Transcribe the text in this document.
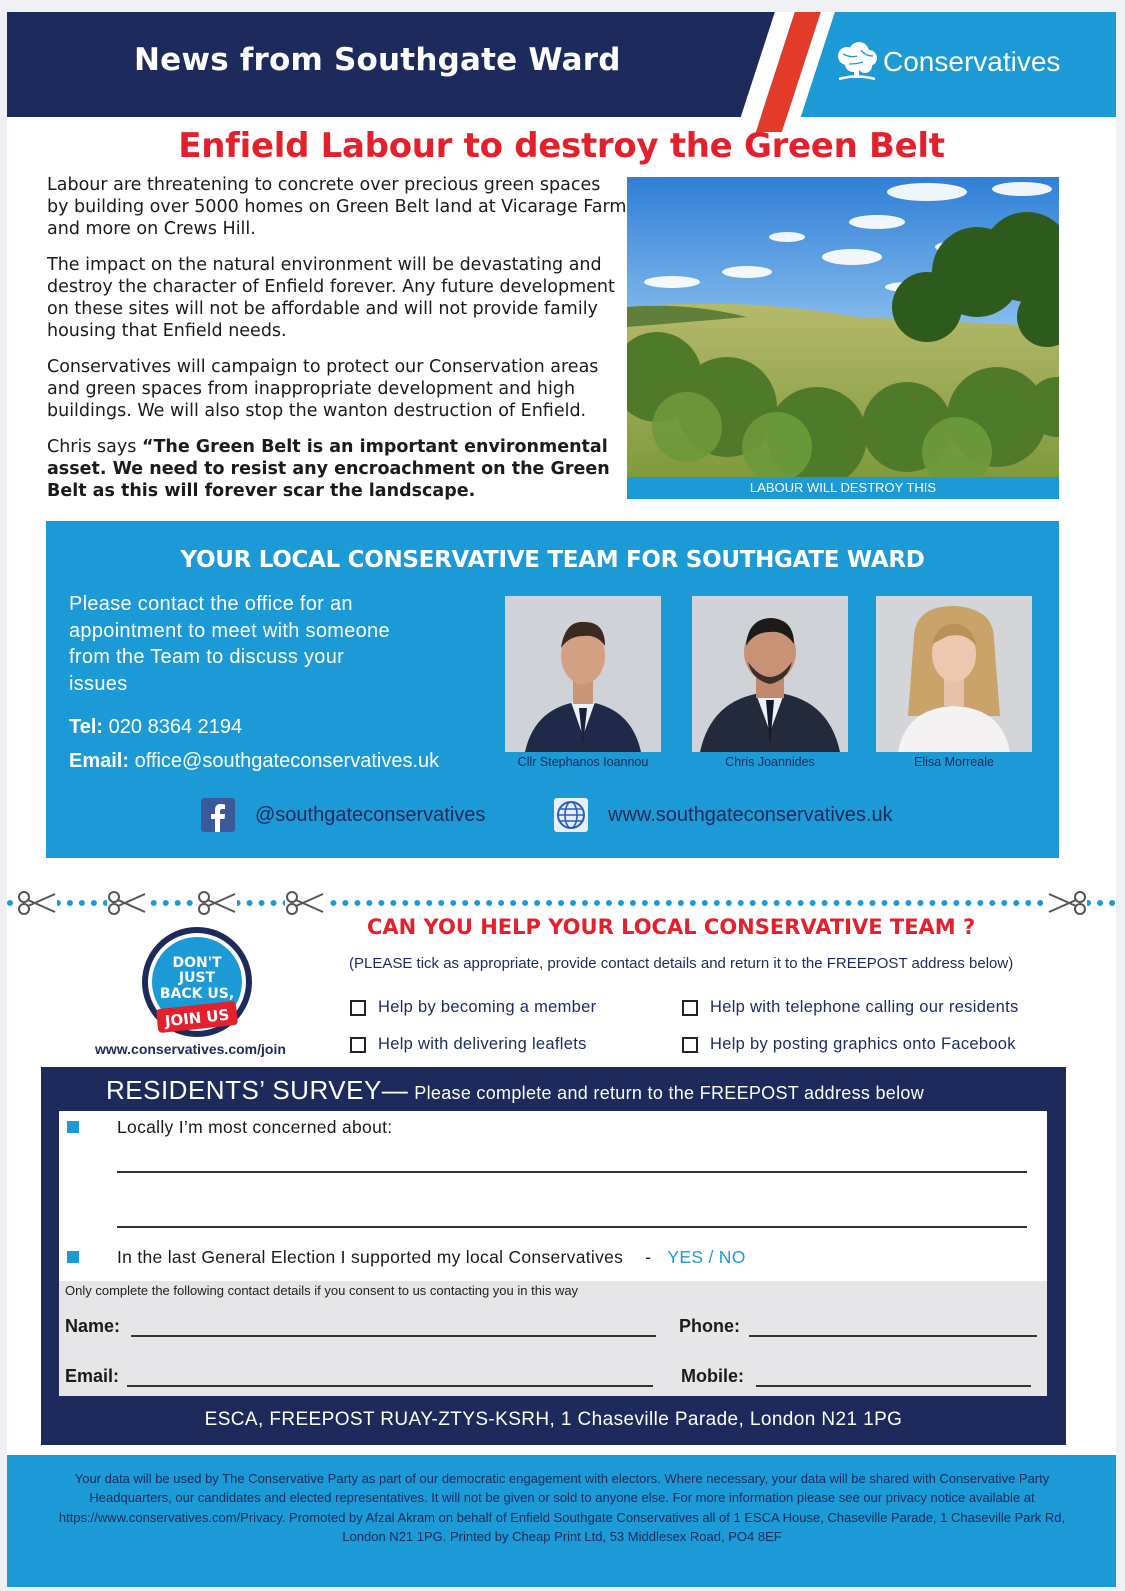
News from Southgate Ward	Conservatives
Enfield Labour to destroy the Green Belt

Labour are threatening to concrete over precious green spaces by building over 5000 homes on Green Belt land at Vicarage Farm and more on Crews Hill.

The impact on the natural environment will be devastating and destroy the character of Enfield forever. Any future development on these sites will not be affordable and will not provide family housing that Enfield needs.

Conservatives will campaign to protect our Conservation areas and green spaces from inappropriate development and high buildings. We will also stop the wanton destruction of Enfield.

Chris says “The Green Belt is an important environmental asset. We need to resist any encroachment on the Green Belt as this will forever scar the landscape.	LABOUR WILL DESTROY THIS
YOUR LOCAL CONSERVATIVE TEAM FOR SOUTHGATE WARD
Please contact the office for an appointment to meet with someone from the Team to discuss your issues
Tel: 020 8364 2194
Email: office@southgateconservatives.uk	Cllr Stephanos Ioannou	Chris Joannides	Elisa Morreale
@southgateconservatives	www.southgateconservatives.uk
DON'T
JUST
BACK US,
JOIN US
www.conservatives.com/join
CAN YOU HELP YOUR LOCAL CONSERVATIVE TEAM ?
(PLEASE tick as appropriate, provide contact details and return it to the FREEPOST address below)
Help by becoming a member	Help with telephone calling our residents
Help with delivering leaflets	Help by posting graphics onto Facebook
RESIDENTS’ SURVEY— Please complete and return to the FREEPOST address below
Locally I’m most concerned about:
In the last General Election I supported my local Conservatives - YES / NO
Only complete the following contact details if you consent to us contacting you in this way
Name:	Phone:
Email:	Mobile:
ESCA, FREEPOST RUAY-ZTYS-KSRH, 1 Chaseville Parade, London N21 1PG

Your data will be used by The Conservative Party as part of our democratic engagement with electors. Where necessary, your data will be shared with Conservative Party Headquarters, our candidates and elected representatives. It will not be given or sold to anyone else. For more information please see our privacy notice available at https://www.conservatives.com/Privacy. Promoted by Afzal Akram on behalf of Enfield Southgate Conservatives all of 1 ESCA House, Chaseville Parade, 1 Chaseville Park Rd, London N21 1PG. Printed by Cheap Print Ltd, 53 Middlesex Road, PO4 8EF
